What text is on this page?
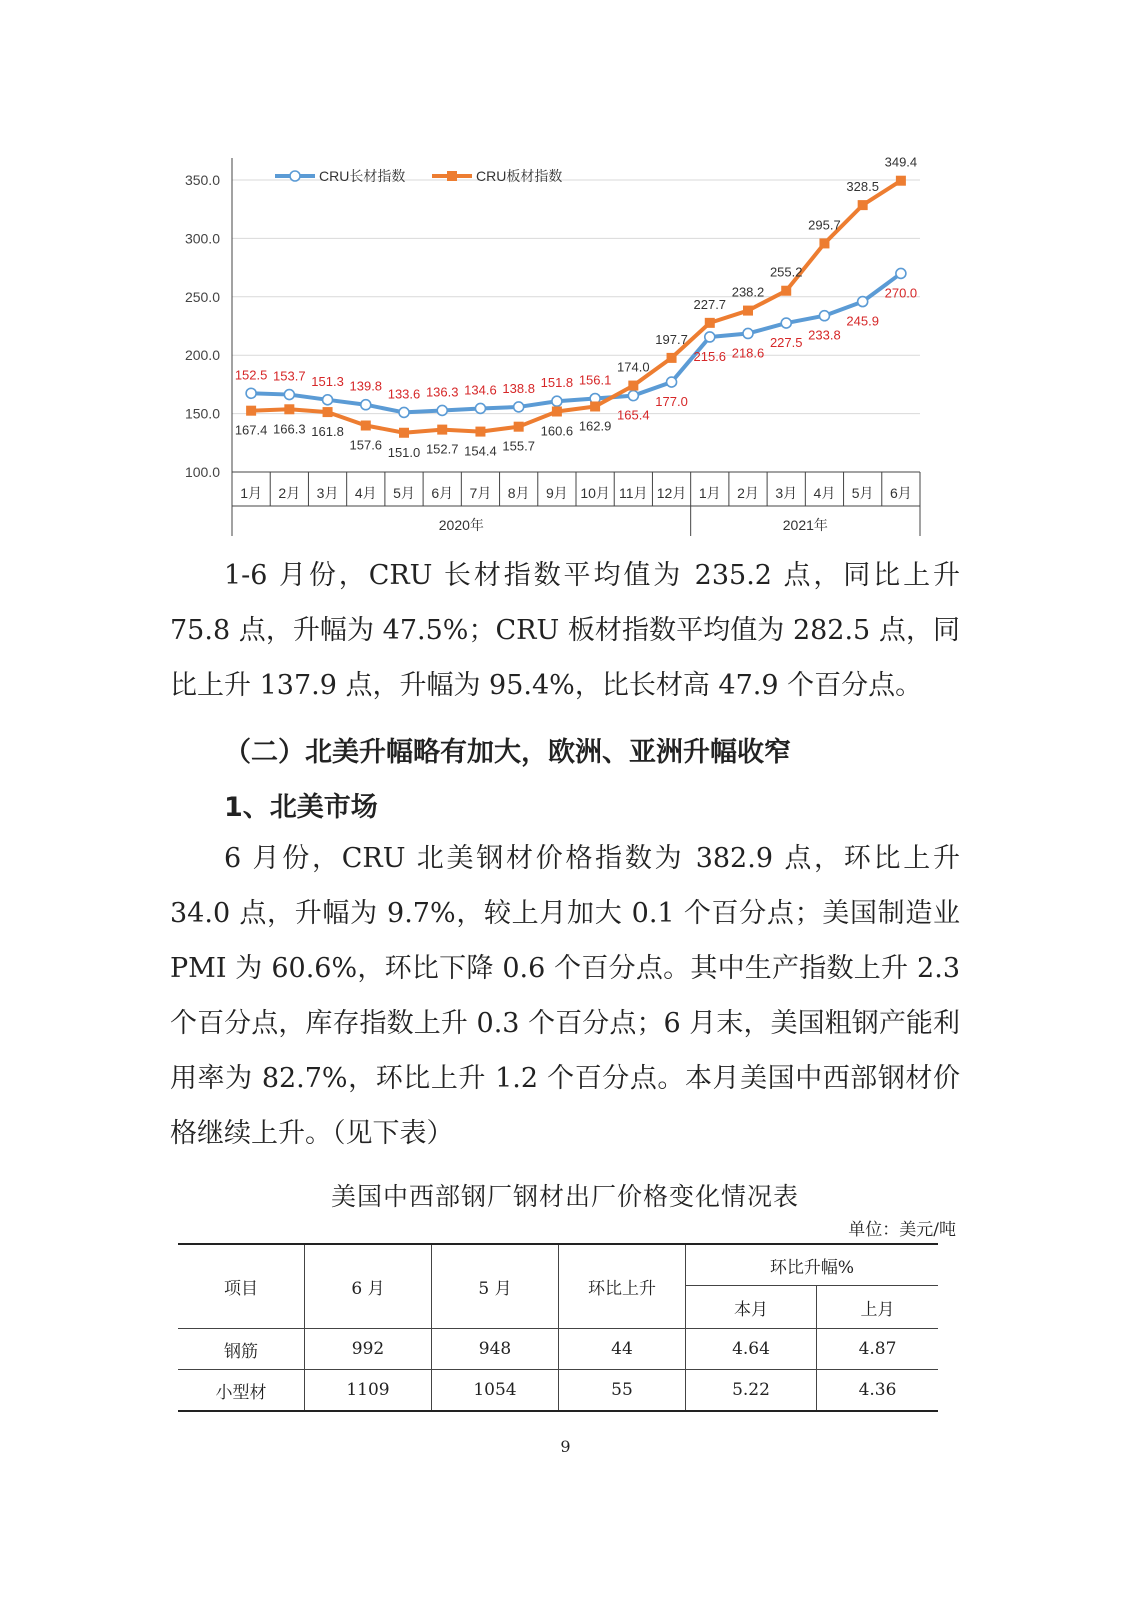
100.0
150.0
200.0
250.0
300.0
350.0
1月 2月 3月 4月 5月 6月 7月 8月 9月 10月 11月 12月 1月 2月 3月 4月 5月 6月
2020年	2021年
152.5
167.4
153.7
166.3
151.3
161.8
139.8
157.6
133.6
151.0
136.3
152.7
134.6
154.4
138.8
155.7
151.8
160.6
156.1
162.9
174.0
165.4
197.7
177.0
227.7
215.6
238.2
218.6
255.2
227.5
295.7
233.8
328.5
245.9
349.4
270.0
CRU长材指数	CRU板材指数

1-6 月份，CRU 长材指数平均值为 235.2 点，同比上升 75.8 点，升幅为 47.5%；CRU 板材指数平均值为 282.5 点，同比上升 137.9 点，升幅为 95.4%，比长材高 47.9 个百分点。

（二）北美升幅略有加大，欧洲、亚洲升幅收窄

1、北美市场

6 月份，CRU 北美钢材价格指数为 382.9 点，环比上升 34.0 点，升幅为 9.7%，较上月加大 0.1 个百分点；美国制造业 PMI 为 60.6%，环比下降 0.6 个百分点。其中生产指数上升 2.3 个百分点，库存指数上升 0.3 个百分点；6 月末，美国粗钢产能利用率为 82.7%，环比上升 1.2 个百分点。本月美国中西部钢材价格继续上升。（见下表）

美国中西部钢厂钢材出厂价格变化情况表

单位：美元/吨

项目	6 月	5 月	环比上升	环比升幅%	
				本月	上月
钢筋	992	948	44	4.64	4.87
小型材	1109	1054	55	5.22	4.36

9
